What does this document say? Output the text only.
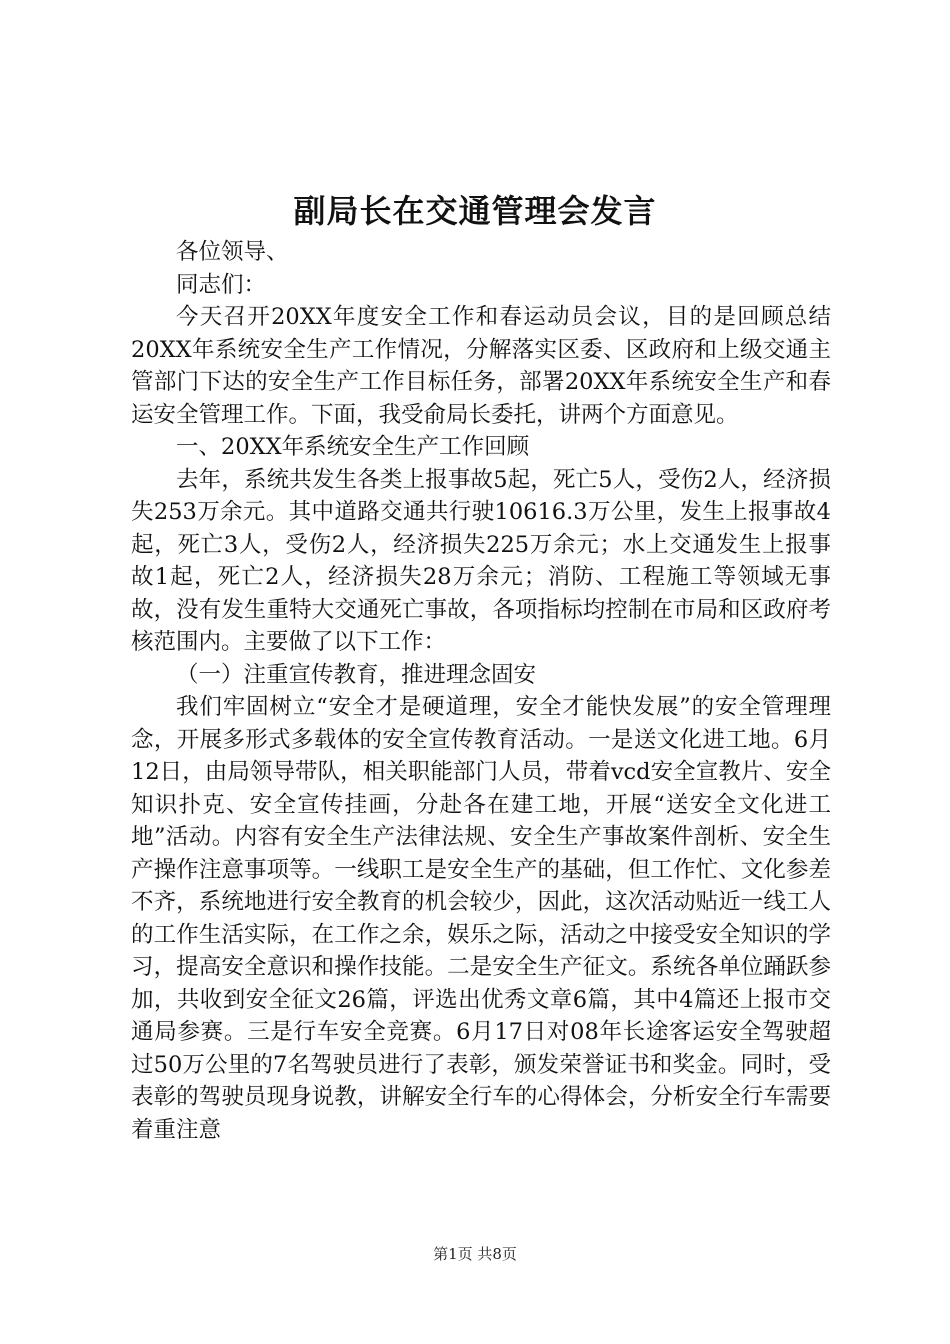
副局长在交通管理会发言

各位领导、

同志们：

今天召开20XX年度安全工作和春运动员会议，目的是回顾总结20XX年系统安全生产工作情况，分解落实区委、区政府和上级交通主管部门下达的安全生产工作目标任务，部署20XX年系统安全生产和春运安全管理工作。下面，我受俞局长委托，讲两个方面意见。

一、20XX年系统安全生产工作回顾

去年，系统共发生各类上报事故5起，死亡5人，受伤2人，经济损失253万余元。其中道路交通共行驶10616.3万公里，发生上报事故4起，死亡3人，受伤2人，经济损失225万余元；水上交通发生上报事故1起，死亡2人，经济损失28万余元；消防、工程施工等领域无事故，没有发生重特大交通死亡事故，各项指标均控制在市局和区政府考核范围内。主要做了以下工作：

（一）注重宣传教育，推进理念固安

我们牢固树立“安全才是硬道理，安全才能快发展”的安全管理理念，开展多形式多载体的安全宣传教育活动。一是送文化进工地。6月12日，由局领导带队，相关职能部门人员，带着vcd安全宣教片、安全知识扑克、安全宣传挂画，分赴各在建工地，开展“送安全文化进工地”活动。内容有安全生产法律法规、安全生产事故案件剖析、安全生产操作注意事项等。一线职工是安全生产的基础，但工作忙、文化参差不齐，系统地进行安全教育的机会较少，因此，这次活动贴近一线工人的工作生活实际，在工作之余，娱乐之际，活动之中接受安全知识的学习，提高安全意识和操作技能。二是安全生产征文。系统各单位踊跃参加，共收到安全征文26篇，评选出优秀文章6篇，其中4篇还上报市交通局参赛。三是行车安全竞赛。6月17日对08年长途客运安全驾驶超过50万公里的7名驾驶员进行了表彰，颁发荣誉证书和奖金。同时，受表彰的驾驶员现身说教，讲解安全行车的心得体会，分析安全行车需要着重注意

第1页 共8页
